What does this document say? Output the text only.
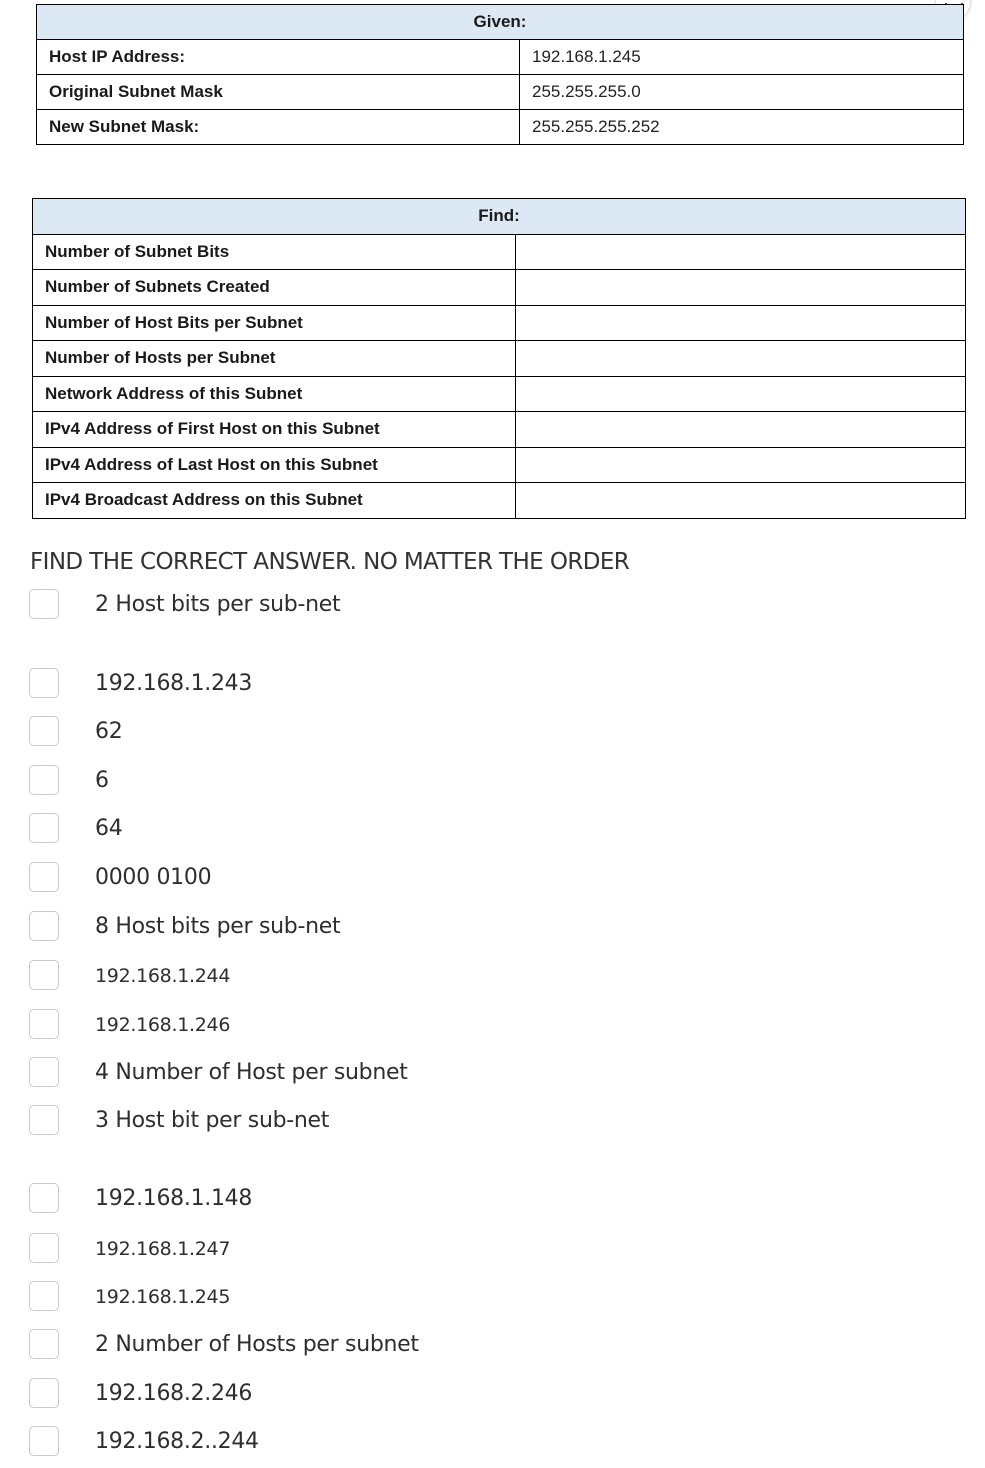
Given:	
Host IP Address:	192.168.1.245
Original Subnet Mask	255.255.255.0
New Subnet Mask:	255.255.255.252
Find:	
Number of Subnet Bits	
Number of Subnets Created	
Number of Host Bits per Subnet	
Number of Hosts per Subnet	
Network Address of this Subnet	
IPv4 Address of First Host on this Subnet	
IPv4 Address of Last Host on this Subnet	
IPv4 Broadcast Address on this Subnet	
FIND THE CORRECT ANSWER. NO MATTER THE ORDER
2 Host bits per sub-net
192.168.1.243
62
6
64
0000 0100
8 Host bits per sub-net
192.168.1.244
192.168.1.246
4 Number of Host per subnet
3 Host bit per sub-net
192.168.1.148
192.168.1.247
192.168.1.245
2 Number of Hosts per subnet
192.168.2.246
192.168.2..244
